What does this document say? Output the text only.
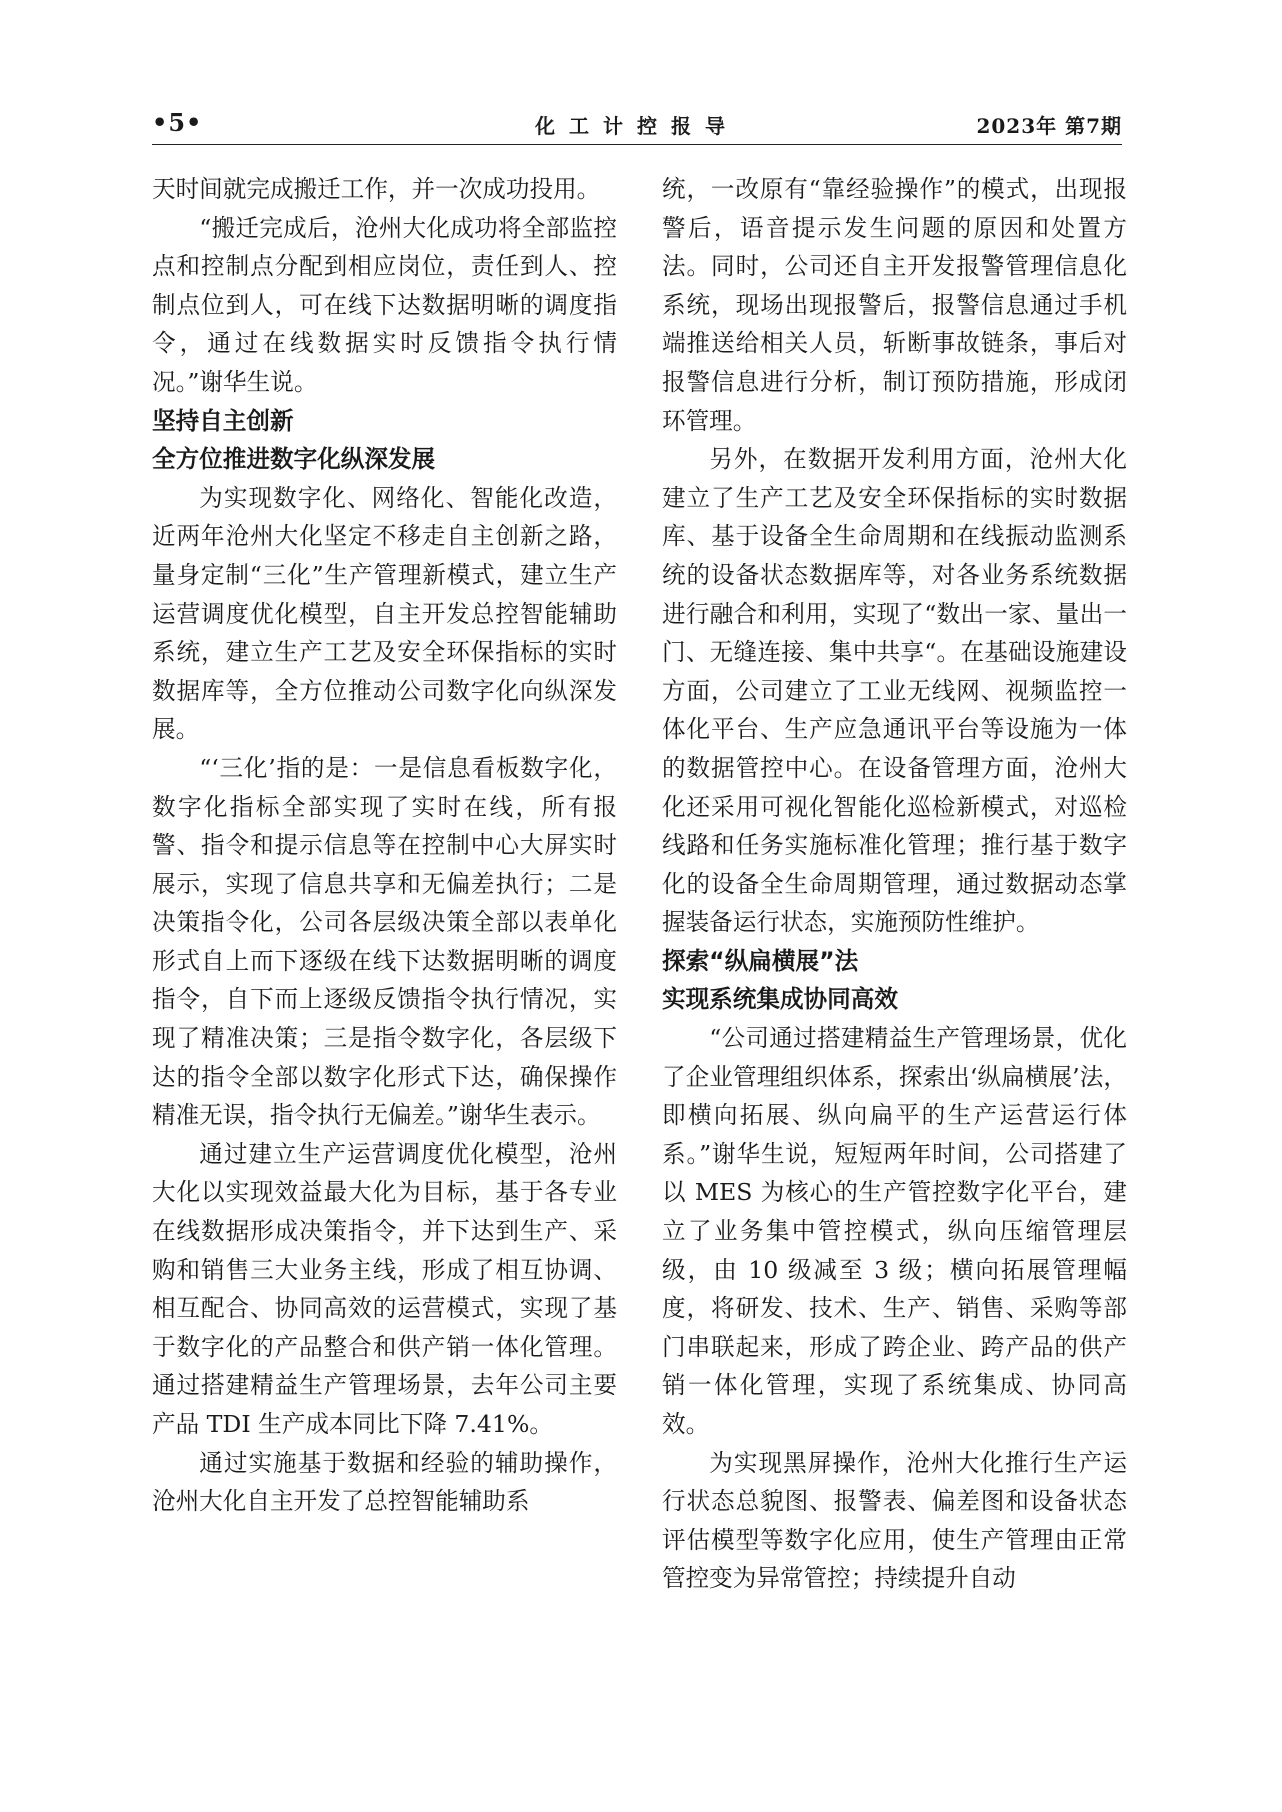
•5•	化工计控报导	2023年 第7期

天时间就完成搬迁工作，并一次成功投用。

“搬迁完成后，沧州大化成功将全部监控点和控制点分配到相应岗位，责任到人、控制点位到人，可在线下达数据明晰的调度指令，通过在线数据实时反馈指令执行情况。”谢华生说。

坚持自主创新
全方位推进数字化纵深发展

为实现数字化、网络化、智能化改造，近两年沧州大化坚定不移走自主创新之路，量身定制“三化”生产管理新模式，建立生产运营调度优化模型，自主开发总控智能辅助系统，建立生产工艺及安全环保指标的实时数据库等，全方位推动公司数字化向纵深发展。

“‘三化’指的是：一是信息看板数字化，数字化指标全部实现了实时在线，所有报警、指令和提示信息等在控制中心大屏实时展示，实现了信息共享和无偏差执行；二是决策指令化，公司各层级决策全部以表单化形式自上而下逐级在线下达数据明晰的调度指令，自下而上逐级反馈指令执行情况，实现了精准决策；三是指令数字化，各层级下达的指令全部以数字化形式下达，确保操作精准无误，指令执行无偏差。”谢华生表示。

通过建立生产运营调度优化模型，沧州大化以实现效益最大化为目标，基于各专业在线数据形成决策指令，并下达到生产、采购和销售三大业务主线，形成了相互协调、相互配合、协同高效的运营模式，实现了基于数字化的产品整合和供产销一体化管理。通过搭建精益生产管理场景，去年公司主要产品 TDI 生产成本同比下降 7.41%。

通过实施基于数据和经验的辅助操作，沧州大化自主开发了总控智能辅助系

统，一改原有“靠经验操作”的模式，出现报警后，语音提示发生问题的原因和处置方法。同时，公司还自主开发报警管理信息化系统，现场出现报警后，报警信息通过手机端推送给相关人员，斩断事故链条，事后对报警信息进行分析，制订预防措施，形成闭环管理。

另外，在数据开发利用方面，沧州大化建立了生产工艺及安全环保指标的实时数据库、基于设备全生命周期和在线振动监测系统的设备状态数据库等，对各业务系统数据进行融合和利用，实现了“数出一家、量出一门、无缝连接、集中共享“。在基础设施建设方面，公司建立了工业无线网、视频监控一体化平台、生产应急通讯平台等设施为一体的数据管控中心。在设备管理方面，沧州大化还采用可视化智能化巡检新模式，对巡检线路和任务实施标准化管理；推行基于数字化的设备全生命周期管理，通过数据动态掌握装备运行状态，实施预防性维护。

探索“纵扁横展”法
实现系统集成协同高效

“公司通过搭建精益生产管理场景，优化了企业管理组织体系，探索出‘纵扁横展’法，即横向拓展、纵向扁平的生产运营运行体系。”谢华生说，短短两年时间，公司搭建了以 MES 为核心的生产管控数字化平台，建立了业务集中管控模式，纵向压缩管理层级，由 10 级减至 3 级；横向拓展管理幅度，将研发、技术、生产、销售、采购等部门串联起来，形成了跨企业、跨产品的供产销一体化管理，实现了系统集成、协同高效。

为实现黑屏操作，沧州大化推行生产运行状态总貌图、报警表、偏差图和设备状态评估模型等数字化应用，使生产管理由正常管控变为异常管控；持续提升自动
